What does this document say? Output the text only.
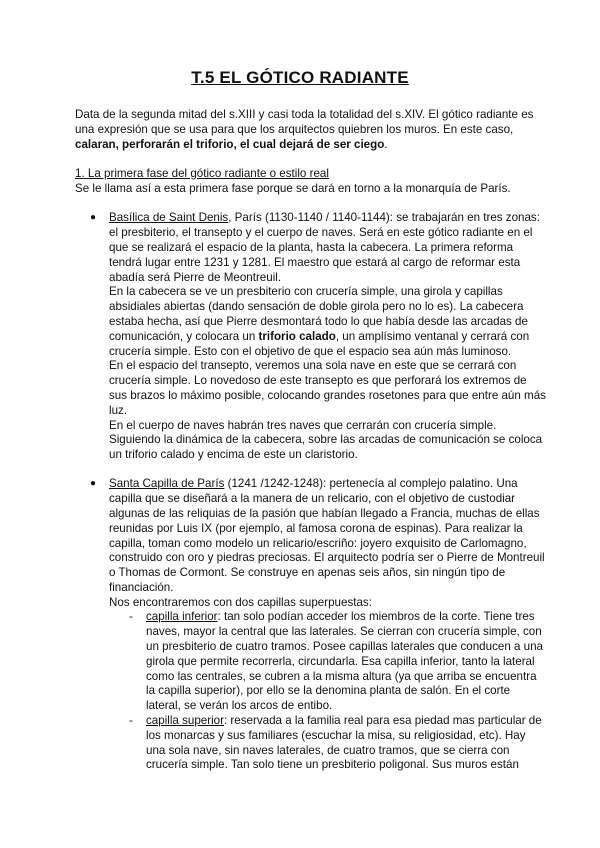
T.5 EL GÓTICO RADIANTE
Data de la segunda mitad del s.XIII y casi toda la totalidad del s.XIV. El gótico radiante es
una expresión que se usa para que los arquitectos quiebren los muros. En este caso,
calaran, perforarán el triforio, el cual dejará de ser ciego.
1. La primera fase del gótico radiante o estilo real
Se le llama así a esta primera fase porque se dará en torno a la monarquía de París.
● Basílica de Saint Denis, París (1130-1140 / 1140-1144): se trabajarán en tres zonas:
el presbiterio, el transepto y el cuerpo de naves. Será en este gótico radiante en el
que se realizará el espacio de la planta, hasta la cabecera. La primera reforma
tendrá lugar entre 1231 y 1281. El maestro que estará al cargo de reformar esta
abadía será Pierre de Meontreuil.
En la cabecera se ve un presbiterio con crucería simple, una girola y capillas
absidiales abiertas (dando sensación de doble girola pero no lo es). La cabecera
estaba hecha, así que Pierre desmontará todo lo que había desde las arcadas de
comunicación, y colocara un triforio calado, un amplísimo ventanal y cerrará con
crucería simple. Esto con el objetivo de que el espacio sea aún más luminoso.
En el espacio del transepto, veremos una sola nave en este que se cerrará con
crucería simple. Lo novedoso de este transepto es que perforará los extremos de
sus brazos lo máximo posible, colocando grandes rosetones para que entre aún más
luz.
En el cuerpo de naves habrán tres naves que cerrarán con crucería simple.
Siguiendo la dinámica de la cabecera, sobre las arcadas de comunicación se coloca
un triforio calado y encima de este un claristorio.
● Santa Capilla de París (1241 /1242-1248): pertenecía al complejo palatino. Una
capilla que se diseñará a la manera de un relicario, con el objetivo de custodiar
algunas de las reliquias de la pasión que habían llegado a Francia, muchas de ellas
reunidas por Luis IX (por ejemplo, al famosa corona de espinas). Para realizar la
capilla, toman como modelo un relicario/escriño: joyero exquisito de Carlomagno,
construido con oro y piedras preciosas. El arquitecto podría ser o Pierre de Montreuil
o Thomas de Cormont. Se construye en apenas seis años, sin ningún tipo de
financiación.
Nos encontraremos con dos capillas superpuestas:
- capilla inferior: tan solo podían acceder los miembros de la corte. Tiene tres
naves, mayor la central que las laterales. Se cierran con crucería simple, con
un presbiterio de cuatro tramos. Posee capillas laterales que conducen a una
girola que permite recorrerla, circundarla. Esa capilla inferior, tanto la lateral
como las centrales, se cubren a la misma altura (ya que arriba se encuentra
la capilla superior), por ello se la denomina planta de salón. En el corte
lateral, se verán los arcos de entibo.
- capilla superior: reservada a la familia real para esa piedad mas particular de
los monarcas y sus familiares (escuchar la misa, su religiosidad, etc). Hay
una sola nave, sin naves laterales, de cuatro tramos, que se cierra con
crucería simple. Tan solo tiene un presbiterio poligonal. Sus muros están
